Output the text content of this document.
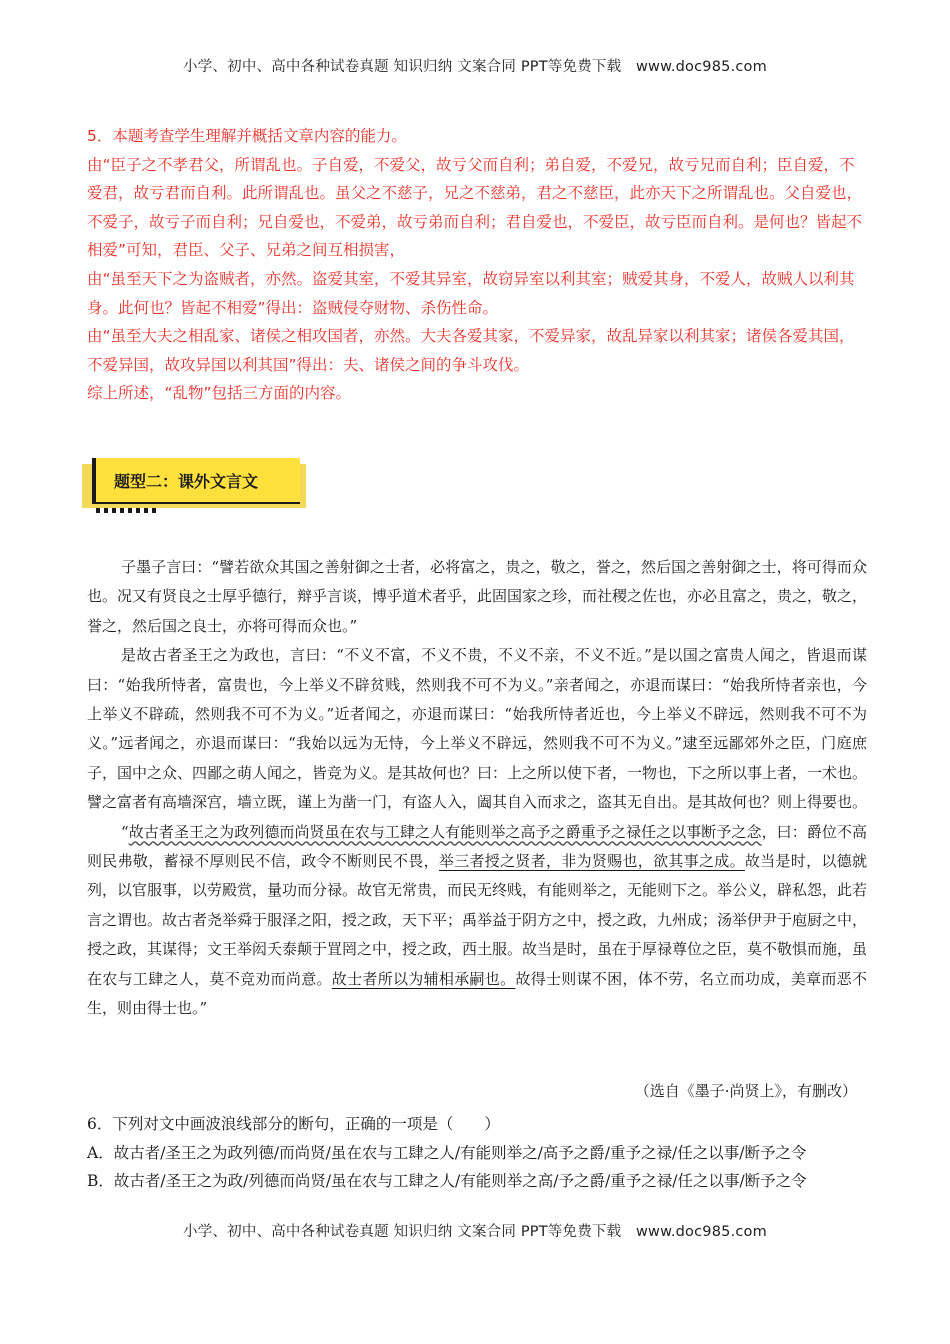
小学、初中、高中各种试卷真题 知识归纳 文案合同 PPT等免费下载　www.doc985.com

5．本题考查学生理解并概括文章内容的能力。

由“臣子之不孝君父，所谓乱也。子自爱，不爱父，故亏父而自利；弟自爱，不爱兄，故亏兄而自利；臣自爱，不爱君，故亏君而自利。此所谓乱也。虽父之不慈子，兄之不慈弟，君之不慈臣，此亦天下之所谓乱也。父自爱也，不爱子，故亏子而自利；兄自爱也，不爱弟，故亏弟而自利；君自爱也，不爱臣，故亏臣而自利。是何也？皆起不相爱”可知，君臣、父子、兄弟之间互相损害，

由“虽至天下之为盗贼者，亦然。盗爱其室，不爱其异室，故窃异室以利其室；贼爱其身，不爱人，故贼人以利其身。此何也？皆起不相爱”得出：盗贼侵夺财物、杀伤性命。

由“虽至大夫之相乱家、诸侯之相攻国者，亦然。大夫各爱其家，不爱异家，故乱异家以利其家；诸侯各爱其国，不爱异国，故攻异国以利其国”得出：夫、诸侯之间的争斗攻伐。

综上所述，“乱物”包括三方面的内容。

题型二：课外文言文

子墨子言曰：“譬若欲众其国之善射御之士者，必将富之，贵之，敬之，誉之，然后国之善射御之士，将可得而众也。况又有贤良之士厚乎德行，辩乎言谈，博乎道术者乎，此固国家之珍，而社稷之佐也，亦必且富之，贵之，敬之，誉之，然后国之良士，亦将可得而众也。”

是故古者圣王之为政也，言曰：“不义不富，不义不贵，不义不亲，不义不近。”是以国之富贵人闻之，皆退而谋曰：“始我所恃者，富贵也，今上举义不辟贫贱，然则我不可不为义。”亲者闻之，亦退而谋曰：“始我所恃者亲也，今上举义不辟疏，然则我不可不为义。”近者闻之，亦退而谋曰：“始我所恃者近也，今上举义不辟远，然则我不可不为义。”远者闻之，亦退而谋曰：“我始以远为无恃，今上举义不辟远，然则我不可不为义。”逮至远鄙郊外之臣，门庭庶子，国中之众、四鄙之萌人闻之，皆竞为义。是其故何也？曰：上之所以使下者，一物也，下之所以事上者，一术也。譬之富者有高墙深宫，墙立既，谨上为凿一门，有盗人入，阖其自入而求之，盗其无自出。是其故何也？则上得要也。

“故古者圣王之为政列德而尚贤虽在农与工肆之人有能则举之高予之爵重予之禄任之以事断予之念，曰：爵位不高则民弗敬，蓄禄不厚则民不信，政令不断则民不畏，举三者授之贤者，非为贤赐也，欲其事之成。故当是时，以德就列，以官服事，以劳殿赏，量功而分禄。故官无常贵，而民无终贱，有能则举之，无能则下之。举公义，辟私怨，此若言之谓也。故古者尧举舜于服泽之阳，授之政，天下平；禹举益于阴方之中，授之政，九州成；汤举伊尹于庖厨之中，授之政，其谋得；文王举闳夭泰颠于罝罔之中，授之政，西土服。故当是时，虽在于厚禄尊位之臣，莫不敬惧而施，虽在农与工肆之人，莫不竞劝而尚意。故士者所以为辅相承嗣也。故得士则谋不困，体不劳，名立而功成，美章而恶不生，则由得士也。”

（选自《墨子·尚贤上》，有删改）

6．下列对文中画波浪线部分的断句，正确的一项是（　　）

A．故古者/圣王之为政列德/而尚贤/虽在农与工肆之人/有能则举之/高予之爵/重予之禄/任之以事/断予之令

B．故古者/圣王之为政/列德而尚贤/虽在农与工肆之人/有能则举之高/予之爵/重予之禄/任之以事/断予之令

小学、初中、高中各种试卷真题 知识归纳 文案合同 PPT等免费下载　www.doc985.com
